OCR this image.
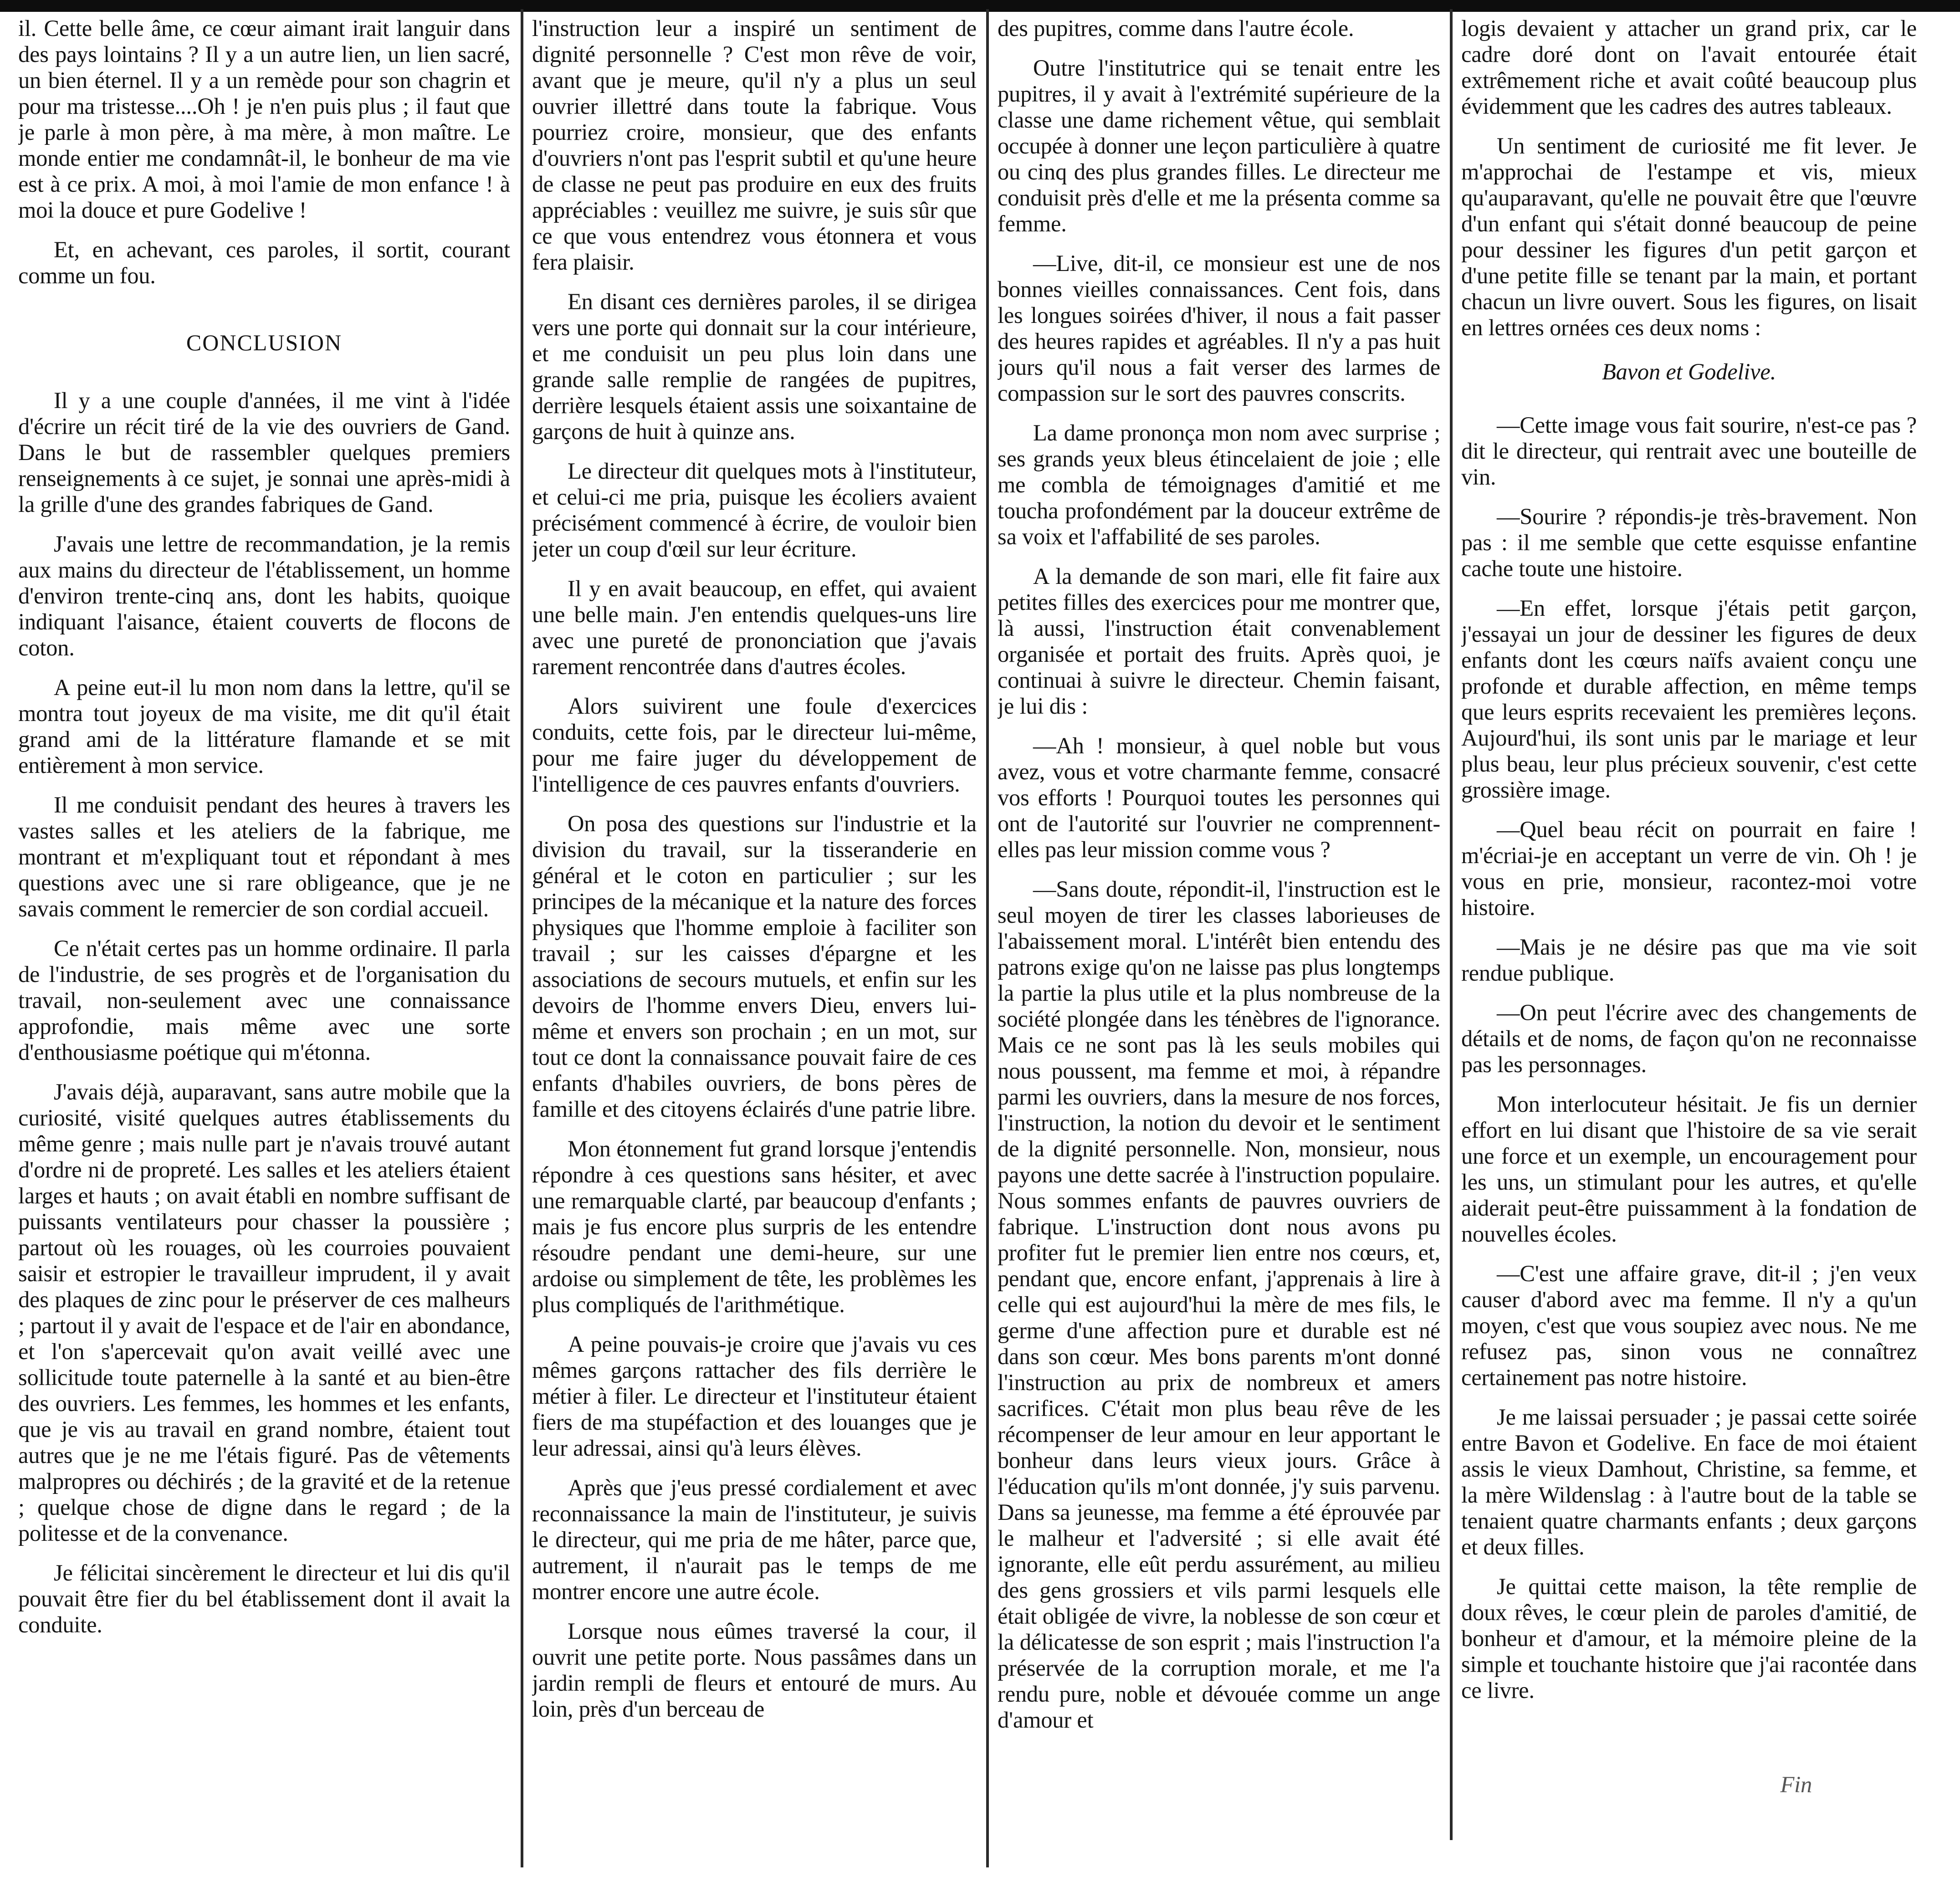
il. Cette belle âme, ce cœur aimant irait languir dans des pays lointains ? Il y a un autre lien, un lien sacré, un bien éternel. Il y a un remède pour son chagrin et pour ma tristesse....Oh ! je n'en puis plus ; il faut que je parle à mon père, à ma mère, à mon maître. Le monde entier me condamnât-il, le bonheur de ma vie est à ce prix. A moi, à moi l'amie de mon enfance ! à moi la douce et pure Godelive !

Et, en achevant, ces paroles, il sortit, courant comme un fou.

CONCLUSION

Il y a une couple d'années, il me vint à l'idée d'écrire un récit tiré de la vie des ouvriers de Gand. Dans le but de rassembler quelques premiers renseignements à ce sujet, je sonnai une après-midi à la grille d'une des grandes fabriques de Gand.

J'avais une lettre de recommandation, je la remis aux mains du directeur de l'établissement, un homme d'environ trente-cinq ans, dont les habits, quoique indiquant l'aisance, étaient couverts de flocons de coton.

A peine eut-il lu mon nom dans la lettre, qu'il se montra tout joyeux de ma visite, me dit qu'il était grand ami de la littérature flamande et se mit entièrement à mon service.

Il me conduisit pendant des heures à travers les vastes salles et les ateliers de la fabrique, me montrant et m'expliquant tout et répondant à mes questions avec une si rare obligeance, que je ne savais comment le remercier de son cordial accueil.

Ce n'était certes pas un homme ordinaire. Il parla de l'industrie, de ses progrès et de l'organisation du travail, non-seulement avec une connaissance approfondie, mais même avec une sorte d'enthousiasme poétique qui m'étonna.

J'avais déjà, auparavant, sans autre mobile que la curiosité, visité quelques autres établissements du même genre ; mais nulle part je n'avais trouvé autant d'ordre ni de propreté. Les salles et les ateliers étaient larges et hauts ; on avait établi en nombre suffisant de puissants ventilateurs pour chasser la poussière ; partout où les rouages, où les courroies pouvaient saisir et estropier le travailleur imprudent, il y avait des plaques de zinc pour le préserver de ces malheurs ; partout il y avait de l'espace et de l'air en abondance, et l'on s'apercevait qu'on avait veillé avec une sollicitude toute paternelle à la santé et au bien-être des ouvriers. Les femmes, les hommes et les enfants, que je vis au travail en grand nombre, étaient tout autres que je ne me l'étais figuré. Pas de vêtements malpropres ou déchirés ; de la gravité et de la retenue ; quelque chose de digne dans le regard ; de la politesse et de la convenance.

Je félicitai sincèrement le directeur et lui dis qu'il pouvait être fier du bel établissement dont il avait la conduite.

l'instruction leur a inspiré un sentiment de dignité personnelle ? C'est mon rêve de voir, avant que je meure, qu'il n'y a plus un seul ouvrier illettré dans toute la fabrique. Vous pourriez croire, monsieur, que des enfants d'ouvriers n'ont pas l'esprit subtil et qu'une heure de classe ne peut pas produire en eux des fruits appréciables : veuillez me suivre, je suis sûr que ce que vous entendrez vous étonnera et vous fera plaisir.

En disant ces dernières paroles, il se dirigea vers une porte qui donnait sur la cour intérieure, et me conduisit un peu plus loin dans une grande salle remplie de rangées de pupitres, derrière lesquels étaient assis une soixantaine de garçons de huit à quinze ans.

Le directeur dit quelques mots à l'instituteur, et celui-ci me pria, puisque les écoliers avaient précisément commencé à écrire, de vouloir bien jeter un coup d'œil sur leur écriture.

Il y en avait beaucoup, en effet, qui avaient une belle main. J'en entendis quelques-uns lire avec une pureté de prononciation que j'avais rarement rencontrée dans d'autres écoles.

Alors suivirent une foule d'exercices conduits, cette fois, par le directeur lui-même, pour me faire juger du développement de l'intelligence de ces pauvres enfants d'ouvriers.

On posa des questions sur l'industrie et la division du travail, sur la tisseranderie en général et le coton en particulier ; sur les principes de la mécanique et la nature des forces physiques que l'homme emploie à faciliter son travail ; sur les caisses d'épargne et les associations de secours mutuels, et enfin sur les devoirs de l'homme envers Dieu, envers lui-même et envers son prochain ; en un mot, sur tout ce dont la connaissance pouvait faire de ces enfants d'habiles ouvriers, de bons pères de famille et des citoyens éclairés d'une patrie libre.

Mon étonnement fut grand lorsque j'entendis répondre à ces questions sans hésiter, et avec une remarquable clarté, par beaucoup d'enfants ; mais je fus encore plus surpris de les entendre résoudre pendant une demi-heure, sur une ardoise ou simplement de tête, les problèmes les plus compliqués de l'arithmétique.

A peine pouvais-je croire que j'avais vu ces mêmes garçons rattacher des fils derrière le métier à filer. Le directeur et l'instituteur étaient fiers de ma stupéfaction et des louanges que je leur adressai, ainsi qu'à leurs élèves.

Après que j'eus pressé cordialement et avec reconnaissance la main de l'instituteur, je suivis le directeur, qui me pria de me hâter, parce que, autrement, il n'aurait pas le temps de me montrer encore une autre école.

Lorsque nous eûmes traversé la cour, il ouvrit une petite porte. Nous passâmes dans un jardin rempli de fleurs et entouré de murs. Au loin, près d'un berceau de

des pupitres, comme dans l'autre école.

Outre l'institutrice qui se tenait entre les pupitres, il y avait à l'extrémité supérieure de la classe une dame richement vêtue, qui semblait occupée à donner une leçon particulière à quatre ou cinq des plus grandes filles. Le directeur me conduisit près d'elle et me la présenta comme sa femme.

—Live, dit-il, ce monsieur est une de nos bonnes vieilles connaissances. Cent fois, dans les longues soirées d'hiver, il nous a fait passer des heures rapides et agréables. Il n'y a pas huit jours qu'il nous a fait verser des larmes de compassion sur le sort des pauvres conscrits.

La dame prononça mon nom avec surprise ; ses grands yeux bleus étincelaient de joie ; elle me combla de témoignages d'amitié et me toucha profondément par la douceur extrême de sa voix et l'affabilité de ses paroles.

A la demande de son mari, elle fit faire aux petites filles des exercices pour me montrer que, là aussi, l'instruction était convenablement organisée et portait des fruits. Après quoi, je continuai à suivre le directeur. Chemin faisant, je lui dis :

—Ah ! monsieur, à quel noble but vous avez, vous et votre charmante femme, consacré vos efforts ! Pourquoi toutes les personnes qui ont de l'autorité sur l'ouvrier ne comprennent-elles pas leur mission comme vous ?

—Sans doute, répondit-il, l'instruction est le seul moyen de tirer les classes laborieuses de l'abaissement moral. L'intérêt bien entendu des patrons exige qu'on ne laisse pas plus longtemps la partie la plus utile et la plus nombreuse de la société plongée dans les ténèbres de l'ignorance. Mais ce ne sont pas là les seuls mobiles qui nous poussent, ma femme et moi, à répandre parmi les ouvriers, dans la mesure de nos forces, l'instruction, la notion du devoir et le sentiment de la dignité personnelle. Non, monsieur, nous payons une dette sacrée à l'instruction populaire. Nous sommes enfants de pauvres ouvriers de fabrique. L'instruction dont nous avons pu profiter fut le premier lien entre nos cœurs, et, pendant que, encore enfant, j'apprenais à lire à celle qui est aujourd'hui la mère de mes fils, le germe d'une affection pure et durable est né dans son cœur. Mes bons parents m'ont donné l'instruction au prix de nombreux et amers sacrifices. C'était mon plus beau rêve de les récompenser de leur amour en leur apportant le bonheur dans leurs vieux jours. Grâce à l'éducation qu'ils m'ont donnée, j'y suis parvenu. Dans sa jeunesse, ma femme a été éprouvée par le malheur et l'adversité ; si elle avait été ignorante, elle eût perdu assurément, au milieu des gens grossiers et vils parmi lesquels elle était obligée de vivre, la noblesse de son cœur et la délicatesse de son esprit ; mais l'instruction l'a préservée de la corruption morale, et me l'a rendu pure, noble et dévouée comme un ange d'amour et

logis devaient y attacher un grand prix, car le cadre doré dont on l'avait entourée était extrêmement riche et avait coûté beaucoup plus évidemment que les cadres des autres tableaux.

Un sentiment de curiosité me fit lever. Je m'approchai de l'estampe et vis, mieux qu'auparavant, qu'elle ne pouvait être que l'œuvre d'un enfant qui s'était donné beaucoup de peine pour dessiner les figures d'un petit garçon et d'une petite fille se tenant par la main, et portant chacun un livre ouvert. Sous les figures, on lisait en lettres ornées ces deux noms :

Bavon et Godelive.

—Cette image vous fait sourire, n'est-ce pas ? dit le directeur, qui rentrait avec une bouteille de vin.

—Sourire ? répondis-je très-bravement. Non pas : il me semble que cette esquisse enfantine cache toute une histoire.

—En effet, lorsque j'étais petit garçon, j'essayai un jour de dessiner les figures de deux enfants dont les cœurs naïfs avaient conçu une profonde et durable affection, en même temps que leurs esprits recevaient les premières leçons. Aujourd'hui, ils sont unis par le mariage et leur plus beau, leur plus précieux souvenir, c'est cette grossière image.

—Quel beau récit on pourrait en faire ! m'écriai-je en acceptant un verre de vin. Oh ! je vous en prie, monsieur, racontez-moi votre histoire.

—Mais je ne désire pas que ma vie soit rendue publique.

—On peut l'écrire avec des changements de détails et de noms, de façon qu'on ne reconnaisse pas les personnages.

Mon interlocuteur hésitait. Je fis un dernier effort en lui disant que l'histoire de sa vie serait une force et un exemple, un encouragement pour les uns, un stimulant pour les autres, et qu'elle aiderait peut-être puissamment à la fondation de nouvelles écoles.

—C'est une affaire grave, dit-il ; j'en veux causer d'abord avec ma femme. Il n'y a qu'un moyen, c'est que vous soupiez avec nous. Ne me refusez pas, sinon vous ne connaîtrez certainement pas notre histoire.

Je me laissai persuader ; je passai cette soirée entre Bavon et Godelive. En face de moi étaient assis le vieux Damhout, Christine, sa femme, et la mère Wildenslag : à l'autre bout de la table se tenaient quatre charmants enfants ; deux garçons et deux filles.

Je quittai cette maison, la tête remplie de doux rêves, le cœur plein de paroles d'amitié, de bonheur et d'amour, et la mémoire pleine de la simple et touchante histoire que j'ai racontée dans ce livre.

Fin
